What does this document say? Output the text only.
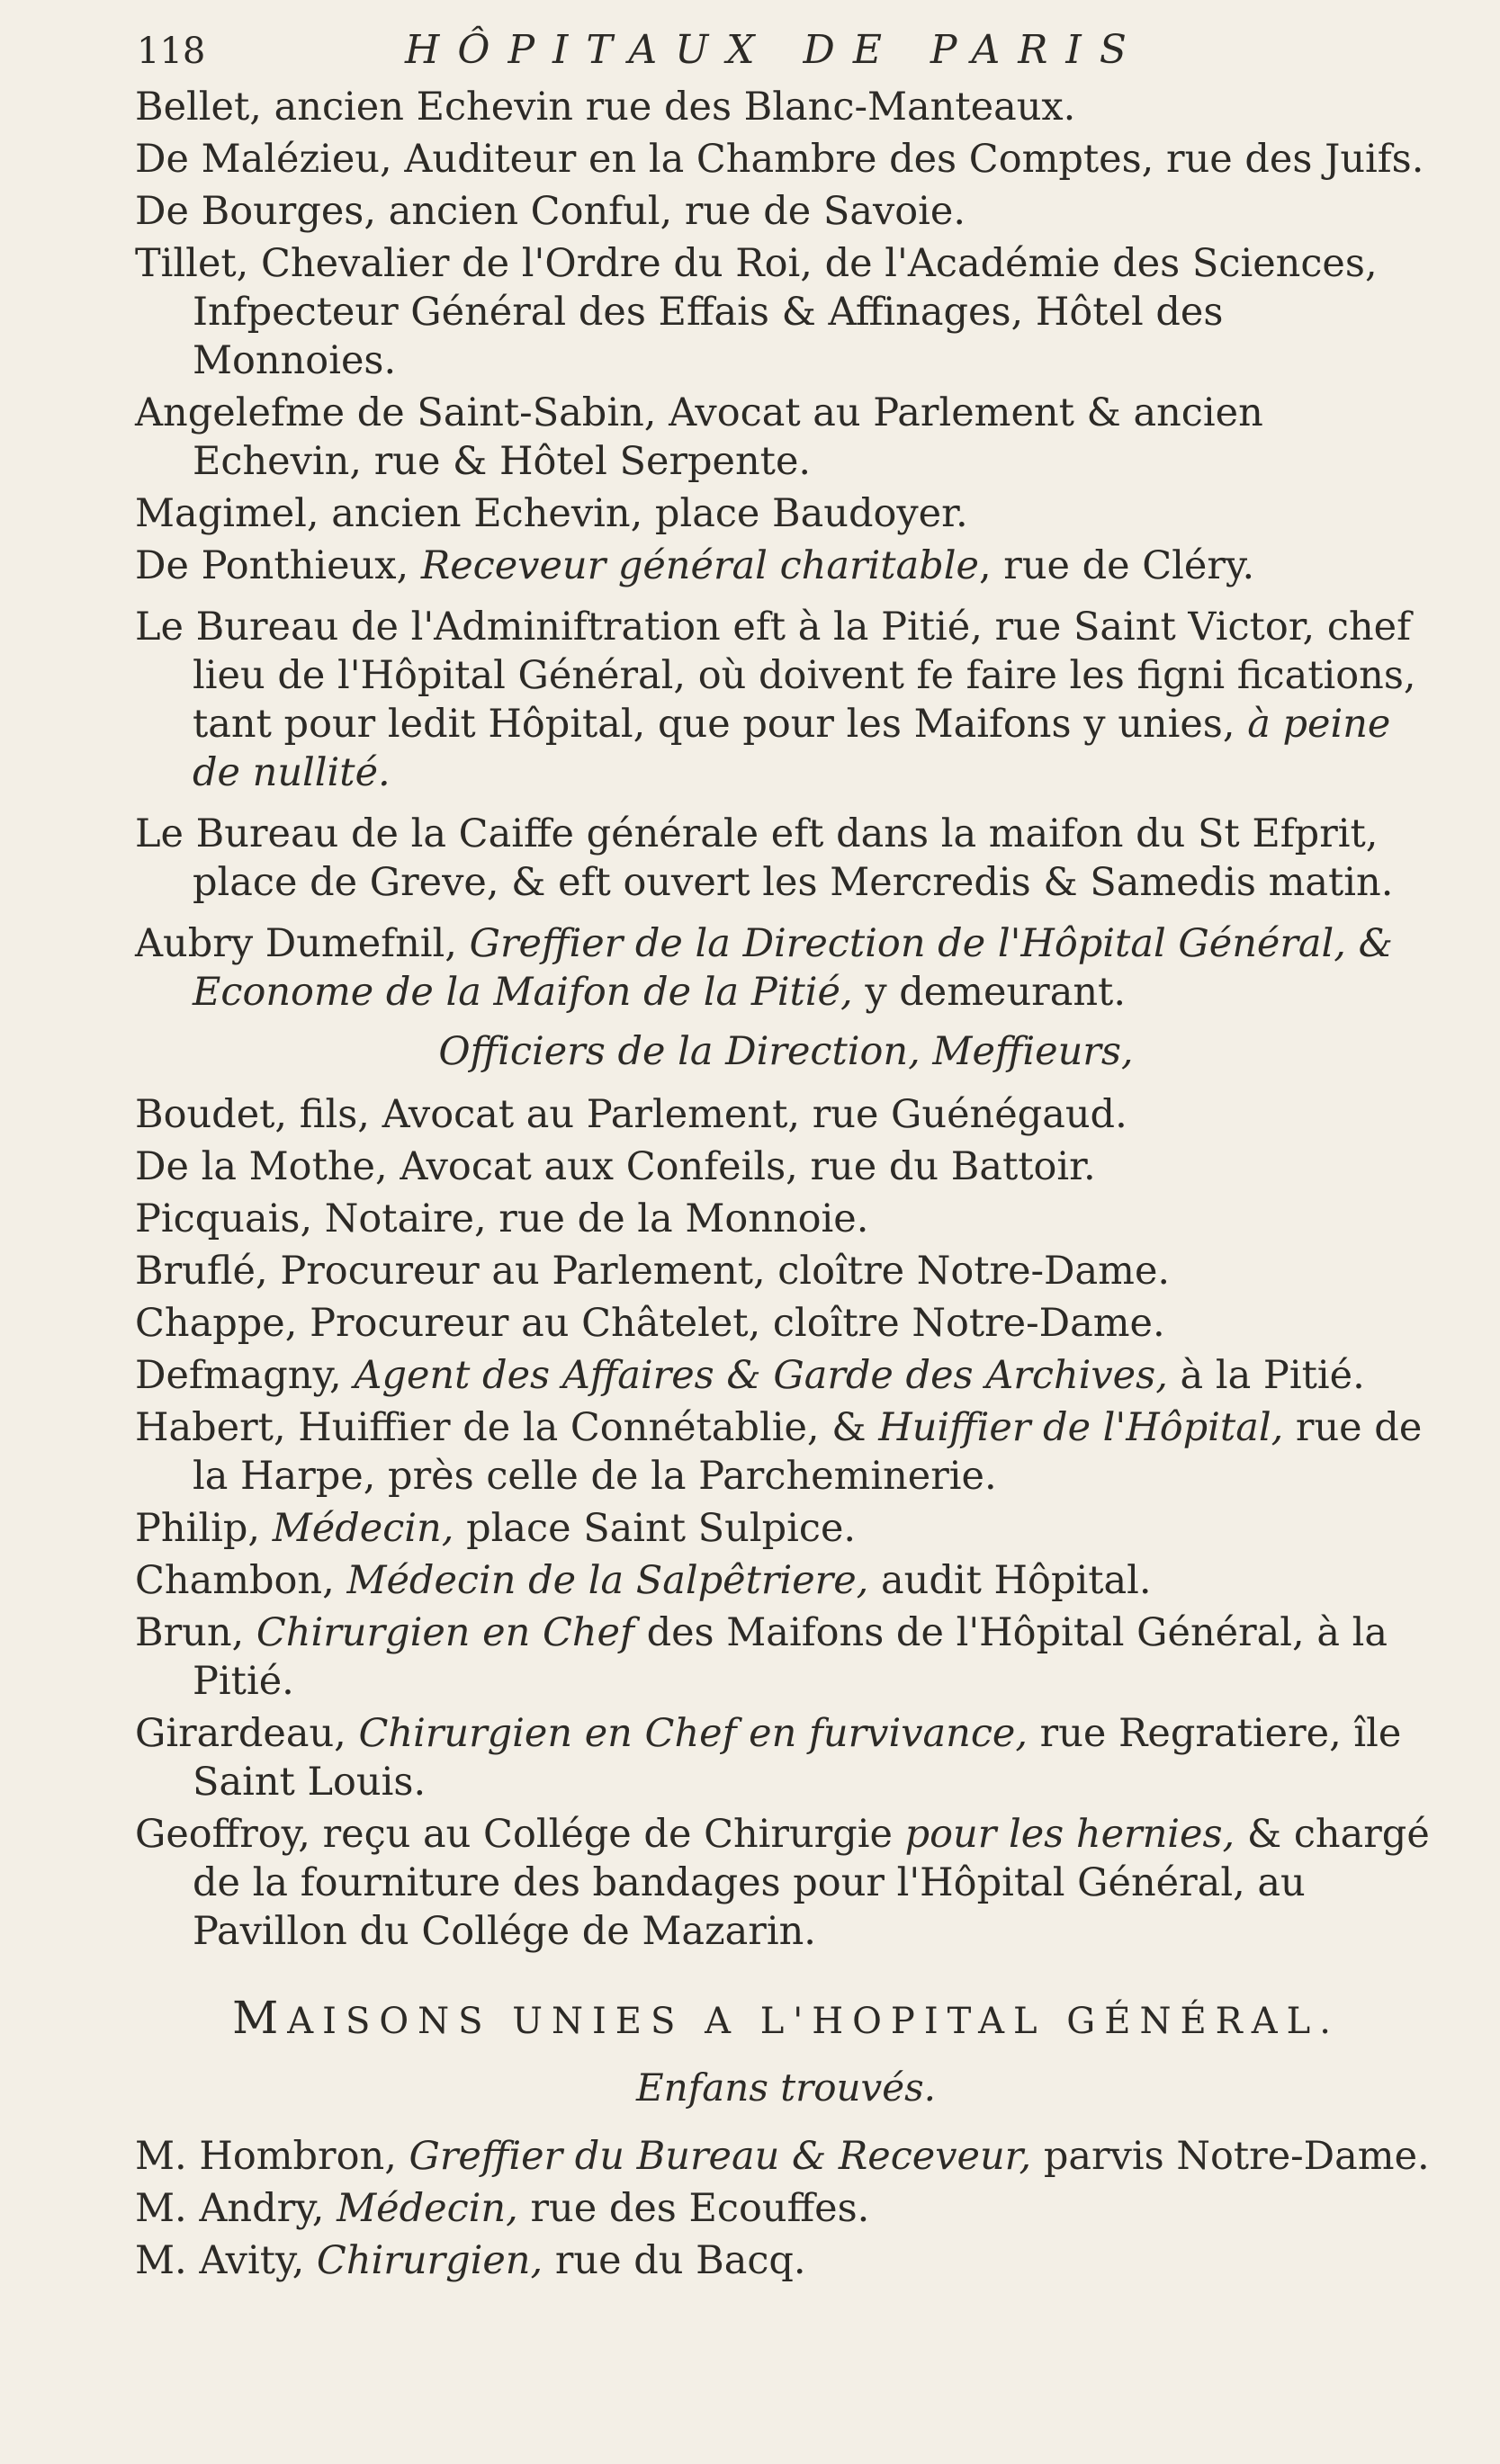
118	HÔPITAUX DE PARIS

Bellet, ancien Echevin rue des Blanc-Manteaux.

De Malézieu, Auditeur en la Chambre des Comptes, rue des Juifs.

De Bourges, ancien Conful, rue de Savoie.

Tillet, Chevalier de l'Ordre du Roi, de l'Académie des Sciences, Infpecteur Général des Effais & Affinages, Hôtel des Monnoies.

Angelefme de Saint-Sabin, Avocat au Parlement & ancien Echevin, rue & Hôtel Serpente.

Magimel, ancien Echevin, place Baudoyer.

De Ponthieux, Receveur général charitable, rue de Cléry.

Le Bureau de l'Adminiftration eft à la Pitié, rue Saint Victor, chef lieu de l'Hôpital Général, où doivent fe faire les figni fications, tant pour ledit Hôpital, que pour les Maifons y unies, à peine de nullité.

Le Bureau de la Caiffe générale eft dans la maifon du St Efprit, place de Greve, & eft ouvert les Mercredis & Samedis matin.

Aubry Dumefnil, Greffier de la Direction de l'Hôpital Général, & Econome de la Maifon de la Pitié, y demeurant.

Officiers de la Direction, Meffieurs,

Boudet, fils, Avocat au Parlement, rue Guénégaud.

De la Mothe, Avocat aux Confeils, rue du Battoir.

Picquais, Notaire, rue de la Monnoie.

Bruflé, Procureur au Parlement, cloître Notre-Dame.

Chappe, Procureur au Châtelet, cloître Notre-Dame.

Defmagny, Agent des Affaires & Garde des Archives, à la Pitié.

Habert, Huiffier de la Connétablie, & Huiffier de l'Hôpital, rue de la Harpe, près celle de la Parcheminerie.

Philip, Médecin, place Saint Sulpice.

Chambon, Médecin de la Salpêtriere, audit Hôpital.

Brun, Chirurgien en Chef des Maifons de l'Hôpital Général, à la Pitié.

Girardeau, Chirurgien en Chef en furvivance, rue Regratiere, île Saint Louis.

Geoffroy, reçu au Collége de Chirurgie pour les hernies, & chargé de la fourniture des bandages pour l'Hôpital Général, au Pavillon du Collége de Mazarin.

MAISONS UNIES A L'HOPITAL GÉNÉRAL.

Enfans trouvés.

M. Hombron, Greffier du Bureau & Receveur, parvis Notre-Dame.

M. Andry, Médecin, rue des Ecouffes.

M. Avity, Chirurgien, rue du Bacq.
